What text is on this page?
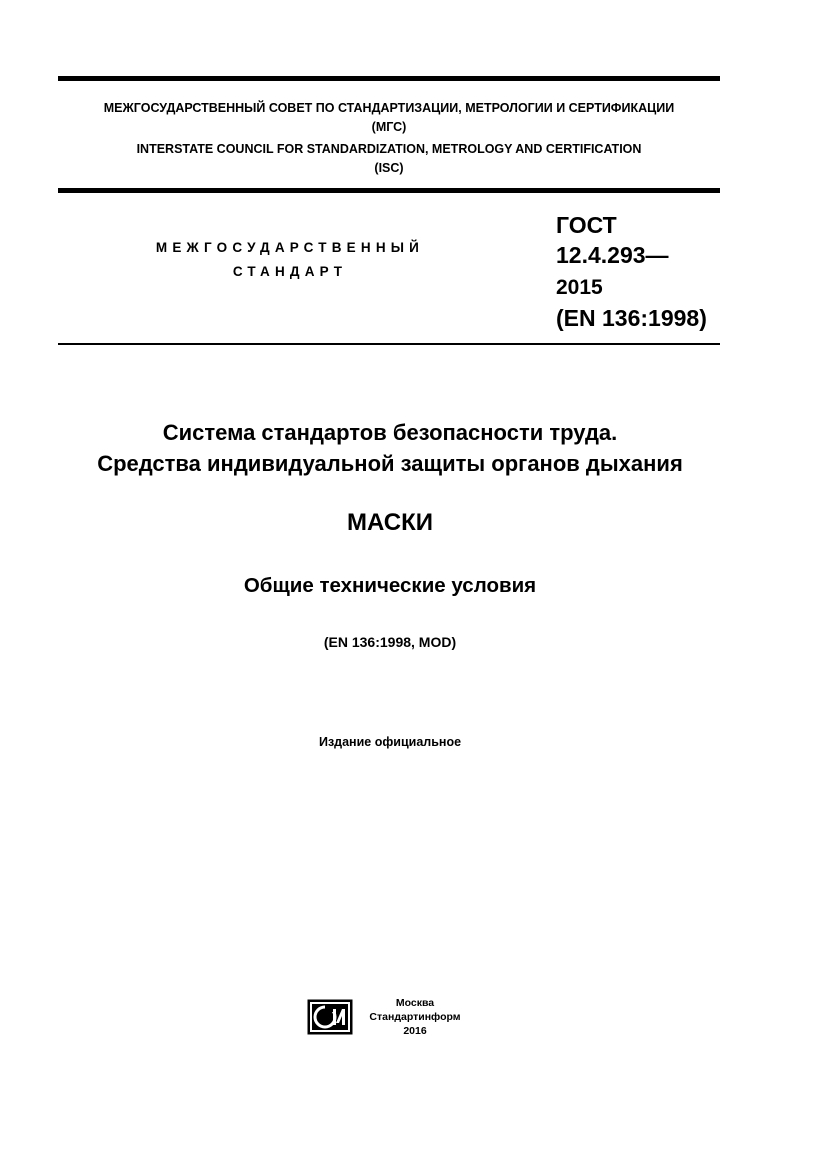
МЕЖГОСУДАРСТВЕННЫЙ СОВЕТ ПО СТАНДАРТИЗАЦИИ, МЕТРОЛОГИИ И СЕРТИФИКАЦИИ
(МГС)
INTERSTATE COUNCIL FOR STANDARDIZATION, METROLOGY AND CERTIFICATION
(ISC)
МЕЖГОСУДАРСТВЕННЫЙ
СТАНДАРТ
ГОСТ
12.4.293—
2015
(EN 136:1998)
Система стандартов безопасности труда.
Средства индивидуальной защиты органов дыхания
МАСКИ
Общие технические условия
(EN 136:1998, MOD)
Издание официальное
Москва
Стандартинформ
2016
